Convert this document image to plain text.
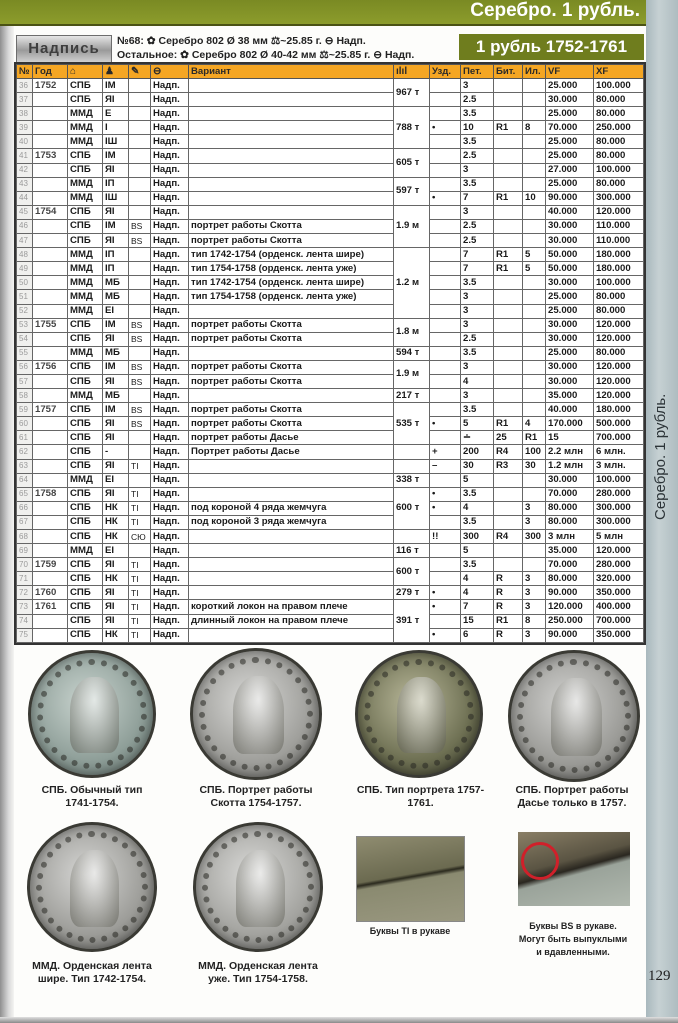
Серебро. 1 рубль.
Серебро. 1 рубль.
Надпись	№68: ✿ Серебро 802 Ø 38 мм ⚖~25.85 г. ⊖ Надп.
Остальное: ✿ Серебро 802 Ø 40-42 мм ⚖~25.85 г. ⊖ Надп.	1 рубль 1752-1761
№	Год	⌂	♟	✎	⊖	Вариант	ılıl	Узд.	Пет.	Бит.	Ил.	VF	XF	
36	1752	СПБ	IM		Надп.		967 т		3			25.000	100.000	
37		СПБ	ЯI		Надп.				2.5			30.000	80.000	
38		ММД	Е		Надп.		788 т		3.5			25.000	80.000	
39		ММД	I		Надп.			•	10	R1	8	70.000	250.000	
40		ММД	IШ		Надп.				3.5			25.000	80.000	
41	1753	СПБ	IM		Надп.		605 т		2.5			25.000	80.000	
42		СПБ	ЯI		Надп.				3			27.000	100.000	
43		ММД	IП		Надп.		597 т		3.5			25.000	80.000	
44		ММД	IШ		Надп.			•	7	R1	10	90.000	300.000	
45	1754	СПБ	ЯI		Надп.		1.9 м		3			40.000	120.000	
46		СПБ	IM	BS	Надп.	портрет работы Скотта			2.5			30.000	110.000	
47		СПБ	ЯI	BS	Надп.	портрет работы Скотта			2.5			30.000	110.000	
48		ММД	IП		Надп.	тип 1742-1754 (орденск. лента шире)	1.2 м		7	R1	5	50.000	180.000	
49		ММД	IП		Надп.	тип 1754-1758 (орденск. лента уже)			7	R1	5	50.000	180.000	
50		ММД	МБ		Надп.	тип 1742-1754 (орденск. лента шире)			3.5			30.000	100.000	
51		ММД	МБ		Надп.	тип 1754-1758 (орденск. лента уже)			3			25.000	80.000	
52		ММД	ЕI		Надп.				3			25.000	80.000	
53	1755	СПБ	IM	BS	Надп.	портрет работы Скотта	1.8 м		3			30.000	120.000	
54		СПБ	ЯI	BS	Надп.	портрет работы Скотта			2.5			30.000	120.000	
55		ММД	МБ		Надп.		594 т		3.5			25.000	80.000	
56	1756	СПБ	IM	BS	Надп.	портрет работы Скотта	1.9 м		3			30.000	120.000	
57		СПБ	ЯI	BS	Надп.	портрет работы Скотта			4			30.000	120.000	
58		ММД	МБ		Надп.		217 т		3			35.000	120.000	
59	1757	СПБ	IM	BS	Надп.	портрет работы Скотта	535 т		3.5			40.000	180.000	
60		СПБ	ЯI	BS	Надп.	портрет работы Скотта		•	5	R1	4	170.000	500.000	
61		СПБ	ЯI		Надп.	портрет работы Дасье			∸	25	R1	15	700.000	
62		СПБ	-		Надп.	Портрет работы Дасье		+	200	R4	100	2.2 млн	6 млн.	
63		СПБ	ЯI	TI	Надп.			–	30	R3	30	1.2 млн	3 млн.	
64		ММД	ЕI		Надп.		338 т		5			30.000	100.000	
65	1758	СПБ	ЯI	TI	Надп.		600 т	•	3.5			70.000	280.000	
66		СПБ	НК	TI	Надп.	под короной 4 ряда жемчуга		•	4		3	80.000	300.000	
67		СПБ	НК	TI	Надп.	под короной 3 ряда жемчуга			3.5		3	80.000	300.000	
68		СПБ	НК	СЮ	Надп.			!!	300	R4	300	3 млн	5 млн	
69		ММД	ЕI		Надп.		116 т		5			35.000	120.000	
70	1759	СПБ	ЯI	TI	Надп.		600 т		3.5			70.000	280.000	
71		СПБ	НК	TI	Надп.				4	R	3	80.000	320.000	
72	1760	СПБ	ЯI	TI	Надп.		279 т	•	4	R	3	90.000	350.000	
73	1761	СПБ	ЯI	TI	Надп.	короткий локон на правом плече	391 т	•	7	R	3	120.000	400.000	
74		СПБ	ЯI	TI	Надп.	длинный локон на правом плече			15	R1	8	250.000	700.000	
75		СПБ	НК	TI	Надп.			•	6	R	3	90.000	350.000	
СПБ. Обычный тип
1741-1754.
СПБ. Портрет работы
Скотта 1754-1757.
СПБ. Тип портрета 1757-
1761.
СПБ. Портрет работы
Дасье только в 1757.
ММД. Орденская лента
шире. Тип 1742-1754.
ММД. Орденская лента
уже. Тип 1754-1758.
Буквы TI в рукаве	Буквы BS в рукаве.
Могут быть выпуклыми
и вдавленными.
129
